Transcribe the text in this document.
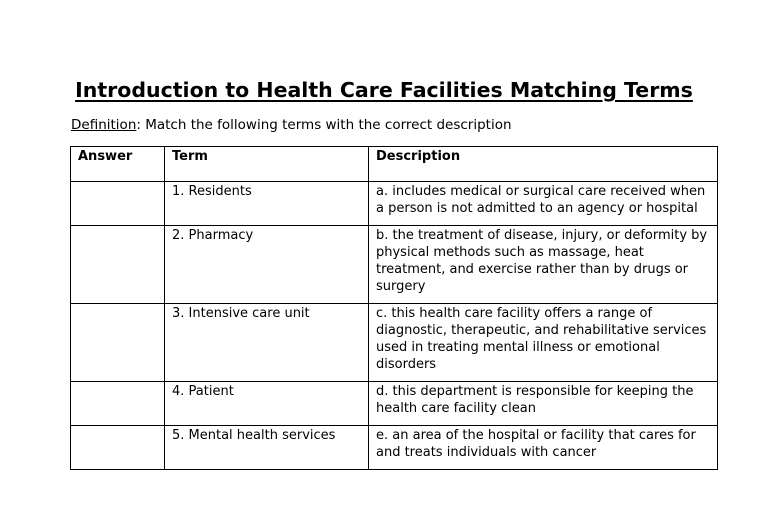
Introduction to Health Care Facilities Matching Terms
Definition: Match the following terms with the correct description
Answer	Term	Description
	1. Residents	a. includes medical or surgical care received when a person is not admitted to an agency or hospital
	2. Pharmacy	b. the treatment of disease, injury, or deformity by physical methods such as massage, heat treatment, and exercise rather than by drugs or surgery
	3. Intensive care unit	c. this health care facility offers a range of diagnostic, therapeutic, and rehabilitative services used in treating mental illness or emotional disorders
	4. Patient	d. this department is responsible for keeping the health care facility clean
	5. Mental health services	e. an area of the hospital or facility that cares for and treats individuals with cancer
